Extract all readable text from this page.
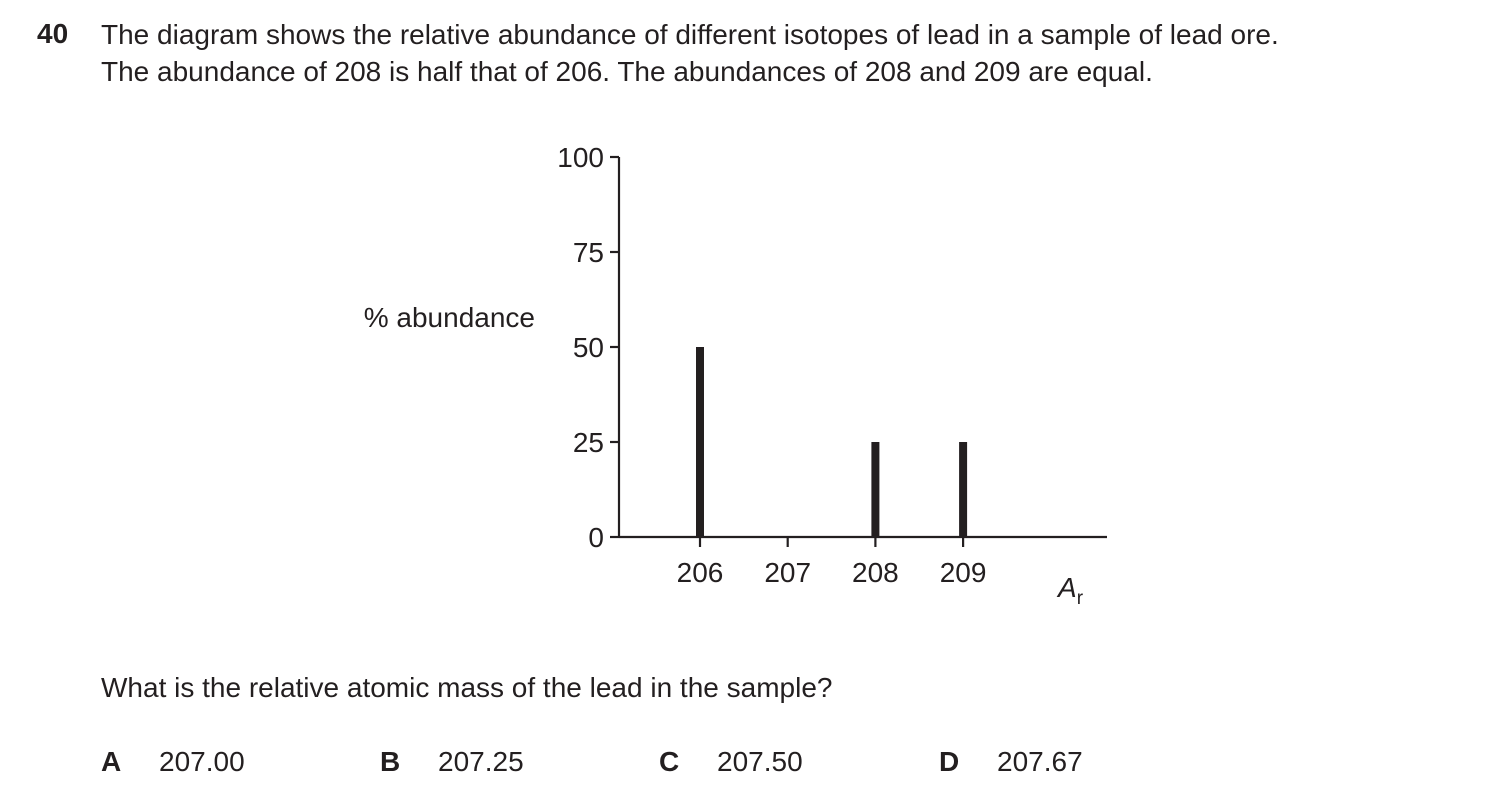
40 The diagram shows the relative abundance of different isotopes of lead in a sample of lead ore.
The abundance of 208 is half that of 206. The abundances of 208 and 209 are equal.
% abundance
$A_r$
0
25
50
75
100
206 207 208 209
What is the relative atomic mass of the lead in the sample?
A 207.00	B 207.25	C 207.50	D 207.67
